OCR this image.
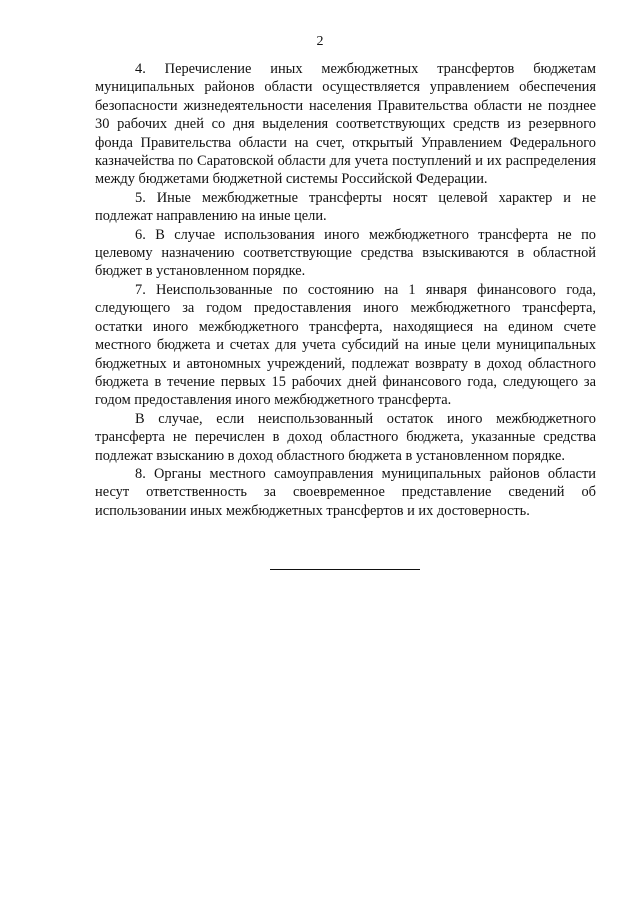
2

4. Перечисление иных межбюджетных трансфертов бюджетам муниципальных районов области осуществляется управлением обеспечения безопасности жизнедеятельности населения Правительства области не позднее 30 рабочих дней со дня выделения соответствующих средств из резервного фонда Правительства области на счет, открытый Управлением Федерального казначейства по Саратовской области для учета поступлений и их распределения между бюджетами бюджетной системы Российской Федерации.

5. Иные межбюджетные трансферты носят целевой характер и не подлежат направлению на иные цели.

6. В случае использования иного межбюджетного трансферта не по целевому назначению соответствующие средства взыскиваются в областной бюджет в установленном порядке.

7. Неиспользованные по состоянию на 1 января финансового года, следующего за годом предоставления иного межбюджетного трансферта, остатки иного межбюджетного трансферта, находящиеся на едином счете местного бюджета и счетах для учета субсидий на иные цели муниципальных бюджетных и автономных учреждений, подлежат возврату в доход областного бюджета в течение первых 15 рабочих дней финансового года, следующего за годом предоставления иного межбюджетного трансферта.

В случае, если неиспользованный остаток иного межбюджетного трансферта не перечислен в доход областного бюджета, указанные средства подлежат взысканию в доход областного бюджета в установленном порядке.

8. Органы местного самоуправления муниципальных районов области несут ответственность за своевременное представление сведений об использовании иных межбюджетных трансфертов и их достоверность.
